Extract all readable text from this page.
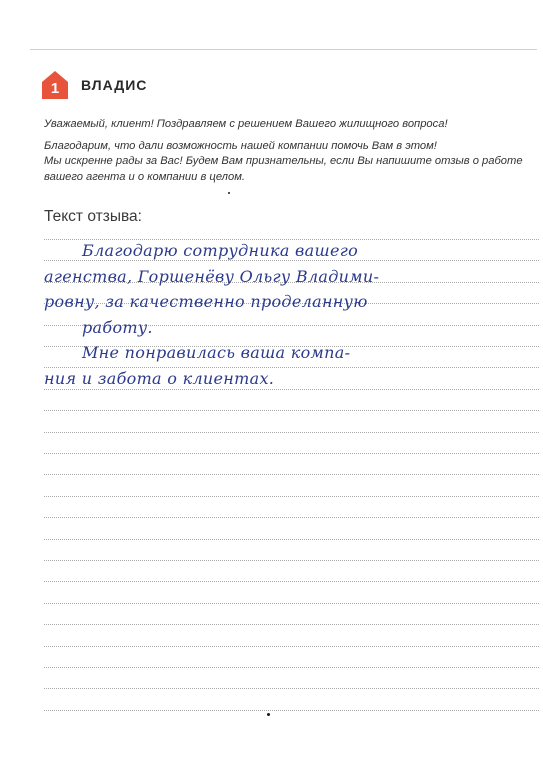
1 ВЛАДИС

Уважаемый, клиент! Поздравляем с решением Вашего жилищного вопроса!

Благодарим, что дали возможность нашей компании помочь Вам в этом!

Мы искренне рады за Вас! Будем Вам признательны, если Вы напишите отзыв о работе

вашего агента и о компании в целом.

Текст отзыва:
Благодарю сотрудника вашего
агенства, Горшенёву Ольгу Владими-
ровну, за качественно проделанную
работу.
Мне понравилась ваша компа-
ния и забота о клиентах.
